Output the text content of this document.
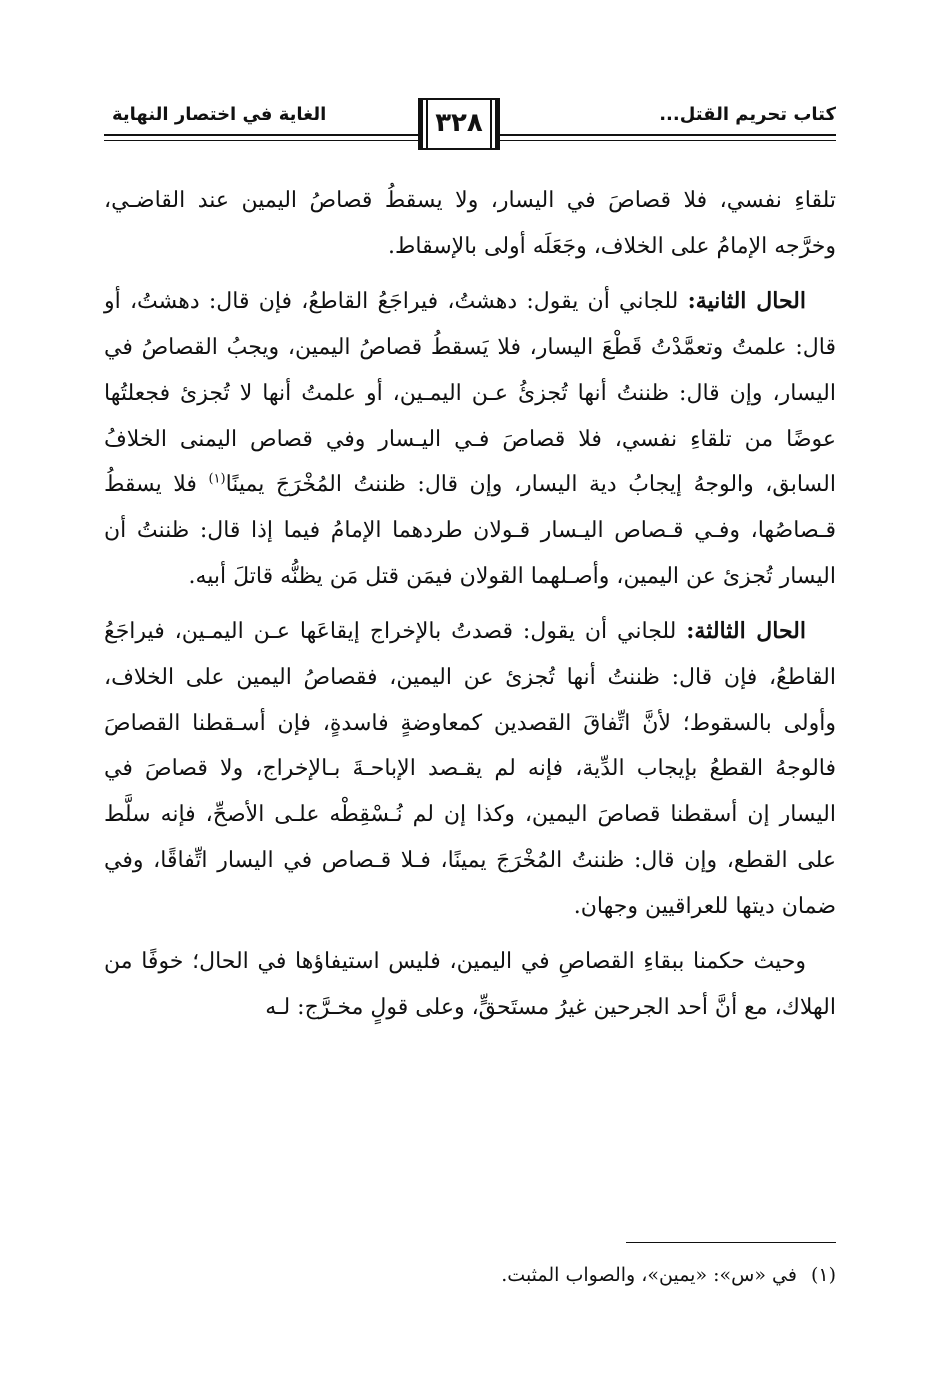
الغاية في اختصار النهاية	كتاب تحريم القتل...
٣٢٨

تلقاءِ نفسي، فلا قصاصَ في اليسار، ولا يسقطُ قصاصُ اليمين عند القاضـي، وخرَّجه الإمامُ على الخلاف، وجَعَلَه أولى بالإسقاط.

الحال الثانية: للجاني أن يقول: دهشتُ، فيراجَعُ القاطعُ، فإن قال: دهشتُ، أو قال: علمتُ وتعمَّدْتُ قَطْعَ اليسار، فلا يَسقطُ قصاصُ اليمين، ويجبُ القصاصُ في اليسار، وإن قال: ظننتُ أنها تُجزئُ عـن اليمـين، أو علمتُ أنها لا تُجزئ فجعلتُها عوضًا من تلقاءِ نفسي، فلا قصاصَ فـي اليـسار وفي قصاص اليمنى الخلافُ السابق، والوجهُ إيجابُ دية اليسار، وإن قال: ظننتُ المُخْرَجَ يمينًا$^{(١)}$ فلا يسقطُ قـصاصُها، وفـي قـصاص اليـسار قـولان طردهما الإمامُ فيما إذا قال: ظننتُ أن اليسار تُجزئ عن اليمين، وأصـلهما القولان فيمَن قتل مَن يظنُّه قاتلَ أبيه.

الحال الثالثة: للجاني أن يقول: قصدتُ بالإخراج إيقاعَها عـن اليمـين، فيراجَعُ القاطعُ، فإن قال: ظننتُ أنها تُجزئ عن اليمين، فقصاصُ اليمين على الخلاف، وأولى بالسقوط؛ لأنَّ اتِّفاقَ القصدين كمعاوضةٍ فاسدةٍ، فإن أسـقطنا القصاصَ فالوجهُ القطعُ بإيجاب الدِّية، فإنه لم يقـصد الإباحـةَ بـالإخراج، ولا قصاصَ في اليسار إن أسقطنا قصاصَ اليمين، وكذا إن لم نُـسْقِطْه علـى الأصحِّ، فإنه سلَّط على القطع، وإن قال: ظننتُ المُخْرَجَ يمينًا، فـلا قـصاص في اليسار اتِّفاقًا، وفي ضمان ديتها للعراقيين وجهان.

وحيث حكمنا ببقاءِ القصاصِ في اليمين، فليس استيفاؤها في الحال؛ خوفًا من الهلاك، مع أنَّ أحد الجرحين غيرُ مستَحقٍّ، وعلى قولٍ مخـرَّج: لـه

(١)في «س»: «يمين»، والصواب المثبت.
